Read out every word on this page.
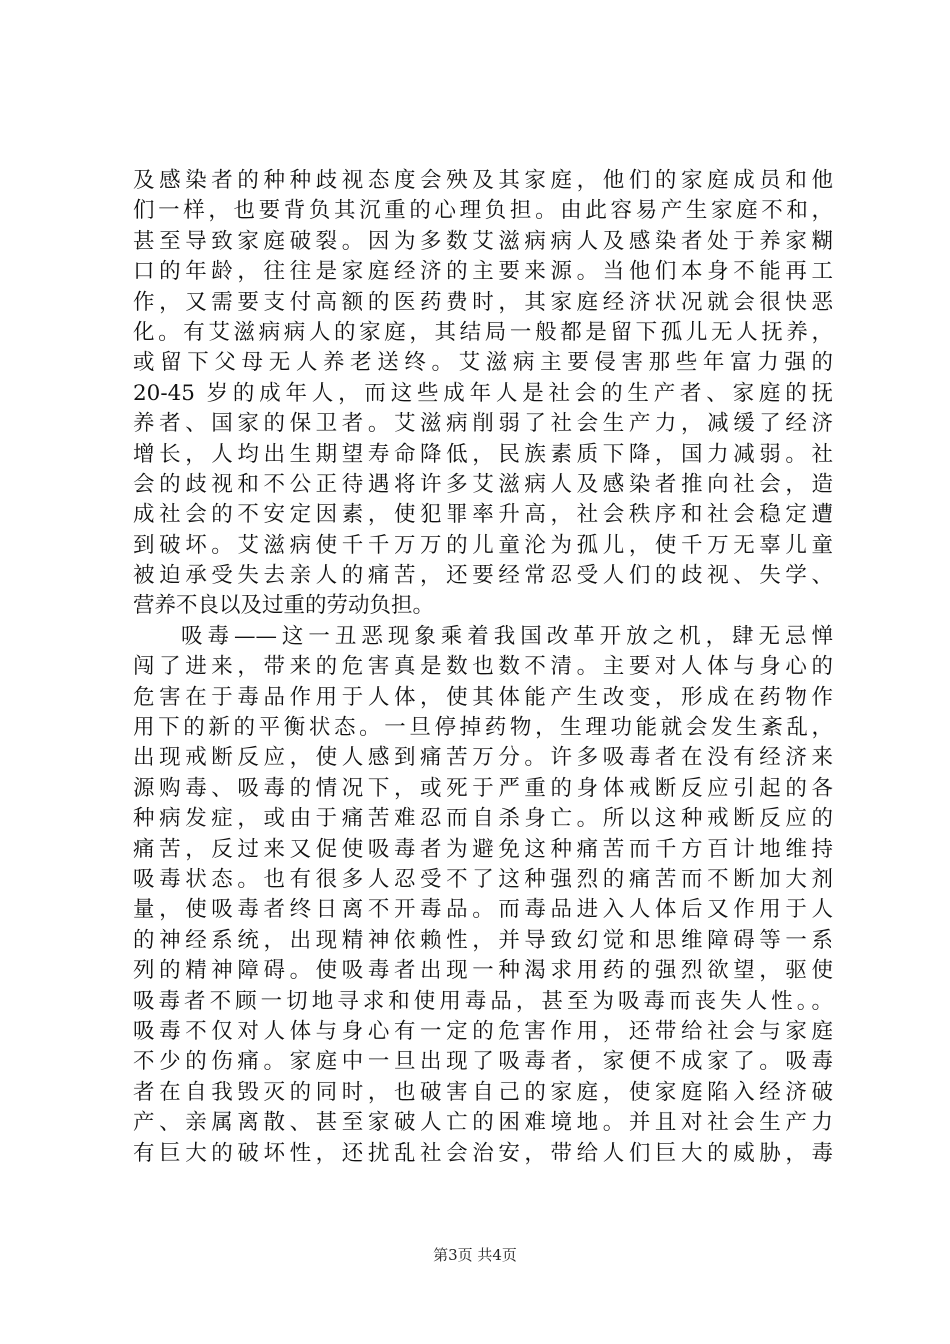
及感染者的种种歧视态度会殃及其家庭，他们的家庭成员和他
们一样，也要背负其沉重的心理负担。由此容易产生家庭不和，
甚至导致家庭破裂。因为多数艾滋病病人及感染者处于养家糊
口的年龄，往往是家庭经济的主要来源。当他们本身不能再工
作，又需要支付高额的医药费时，其家庭经济状况就会很快恶
化。有艾滋病病人的家庭，其结局一般都是留下孤儿无人抚养，
或留下父母无人养老送终。艾滋病主要侵害那些年富力强的
20-45 岁的成年人，而这些成年人是社会的生产者、家庭的抚
养者、国家的保卫者。艾滋病削弱了社会生产力，减缓了经济
增长，人均出生期望寿命降低，民族素质下降，国力减弱。社
会的歧视和不公正待遇将许多艾滋病人及感染者推向社会，造
成社会的不安定因素，使犯罪率升高，社会秩序和社会稳定遭
到破坏。艾滋病使千千万万的儿童沦为孤儿，使千万无辜儿童
被迫承受失去亲人的痛苦，还要经常忍受人们的歧视、失学、
营养不良以及过重的劳动负担。
吸毒——这一丑恶现象乘着我国改革开放之机，肆无忌惮
闯了进来，带来的危害真是数也数不清。主要对人体与身心的
危害在于毒品作用于人体，使其体能产生改变，形成在药物作
用下的新的平衡状态。一旦停掉药物，生理功能就会发生紊乱，
出现戒断反应，使人感到痛苦万分。许多吸毒者在没有经济来
源购毒、吸毒的情况下，或死于严重的身体戒断反应引起的各
种病发症，或由于痛苦难忍而自杀身亡。所以这种戒断反应的
痛苦，反过来又促使吸毒者为避免这种痛苦而千方百计地维持
吸毒状态。也有很多人忍受不了这种强烈的痛苦而不断加大剂
量，使吸毒者终日离不开毒品。而毒品进入人体后又作用于人
的神经系统，出现精神依赖性，并导致幻觉和思维障碍等一系
列的精神障碍。使吸毒者出现一种渴求用药的强烈欲望，驱使
吸毒者不顾一切地寻求和使用毒品，甚至为吸毒而丧失人性。。
吸毒不仅对人体与身心有一定的危害作用，还带给社会与家庭
不少的伤痛。家庭中一旦出现了吸毒者，家便不成家了。吸毒
者在自我毁灭的同时，也破害自己的家庭，使家庭陷入经济破
产、亲属离散、甚至家破人亡的困难境地。并且对社会生产力
有巨大的破坏性，还扰乱社会治安，带给人们巨大的威胁，毒
第3页 共4页
